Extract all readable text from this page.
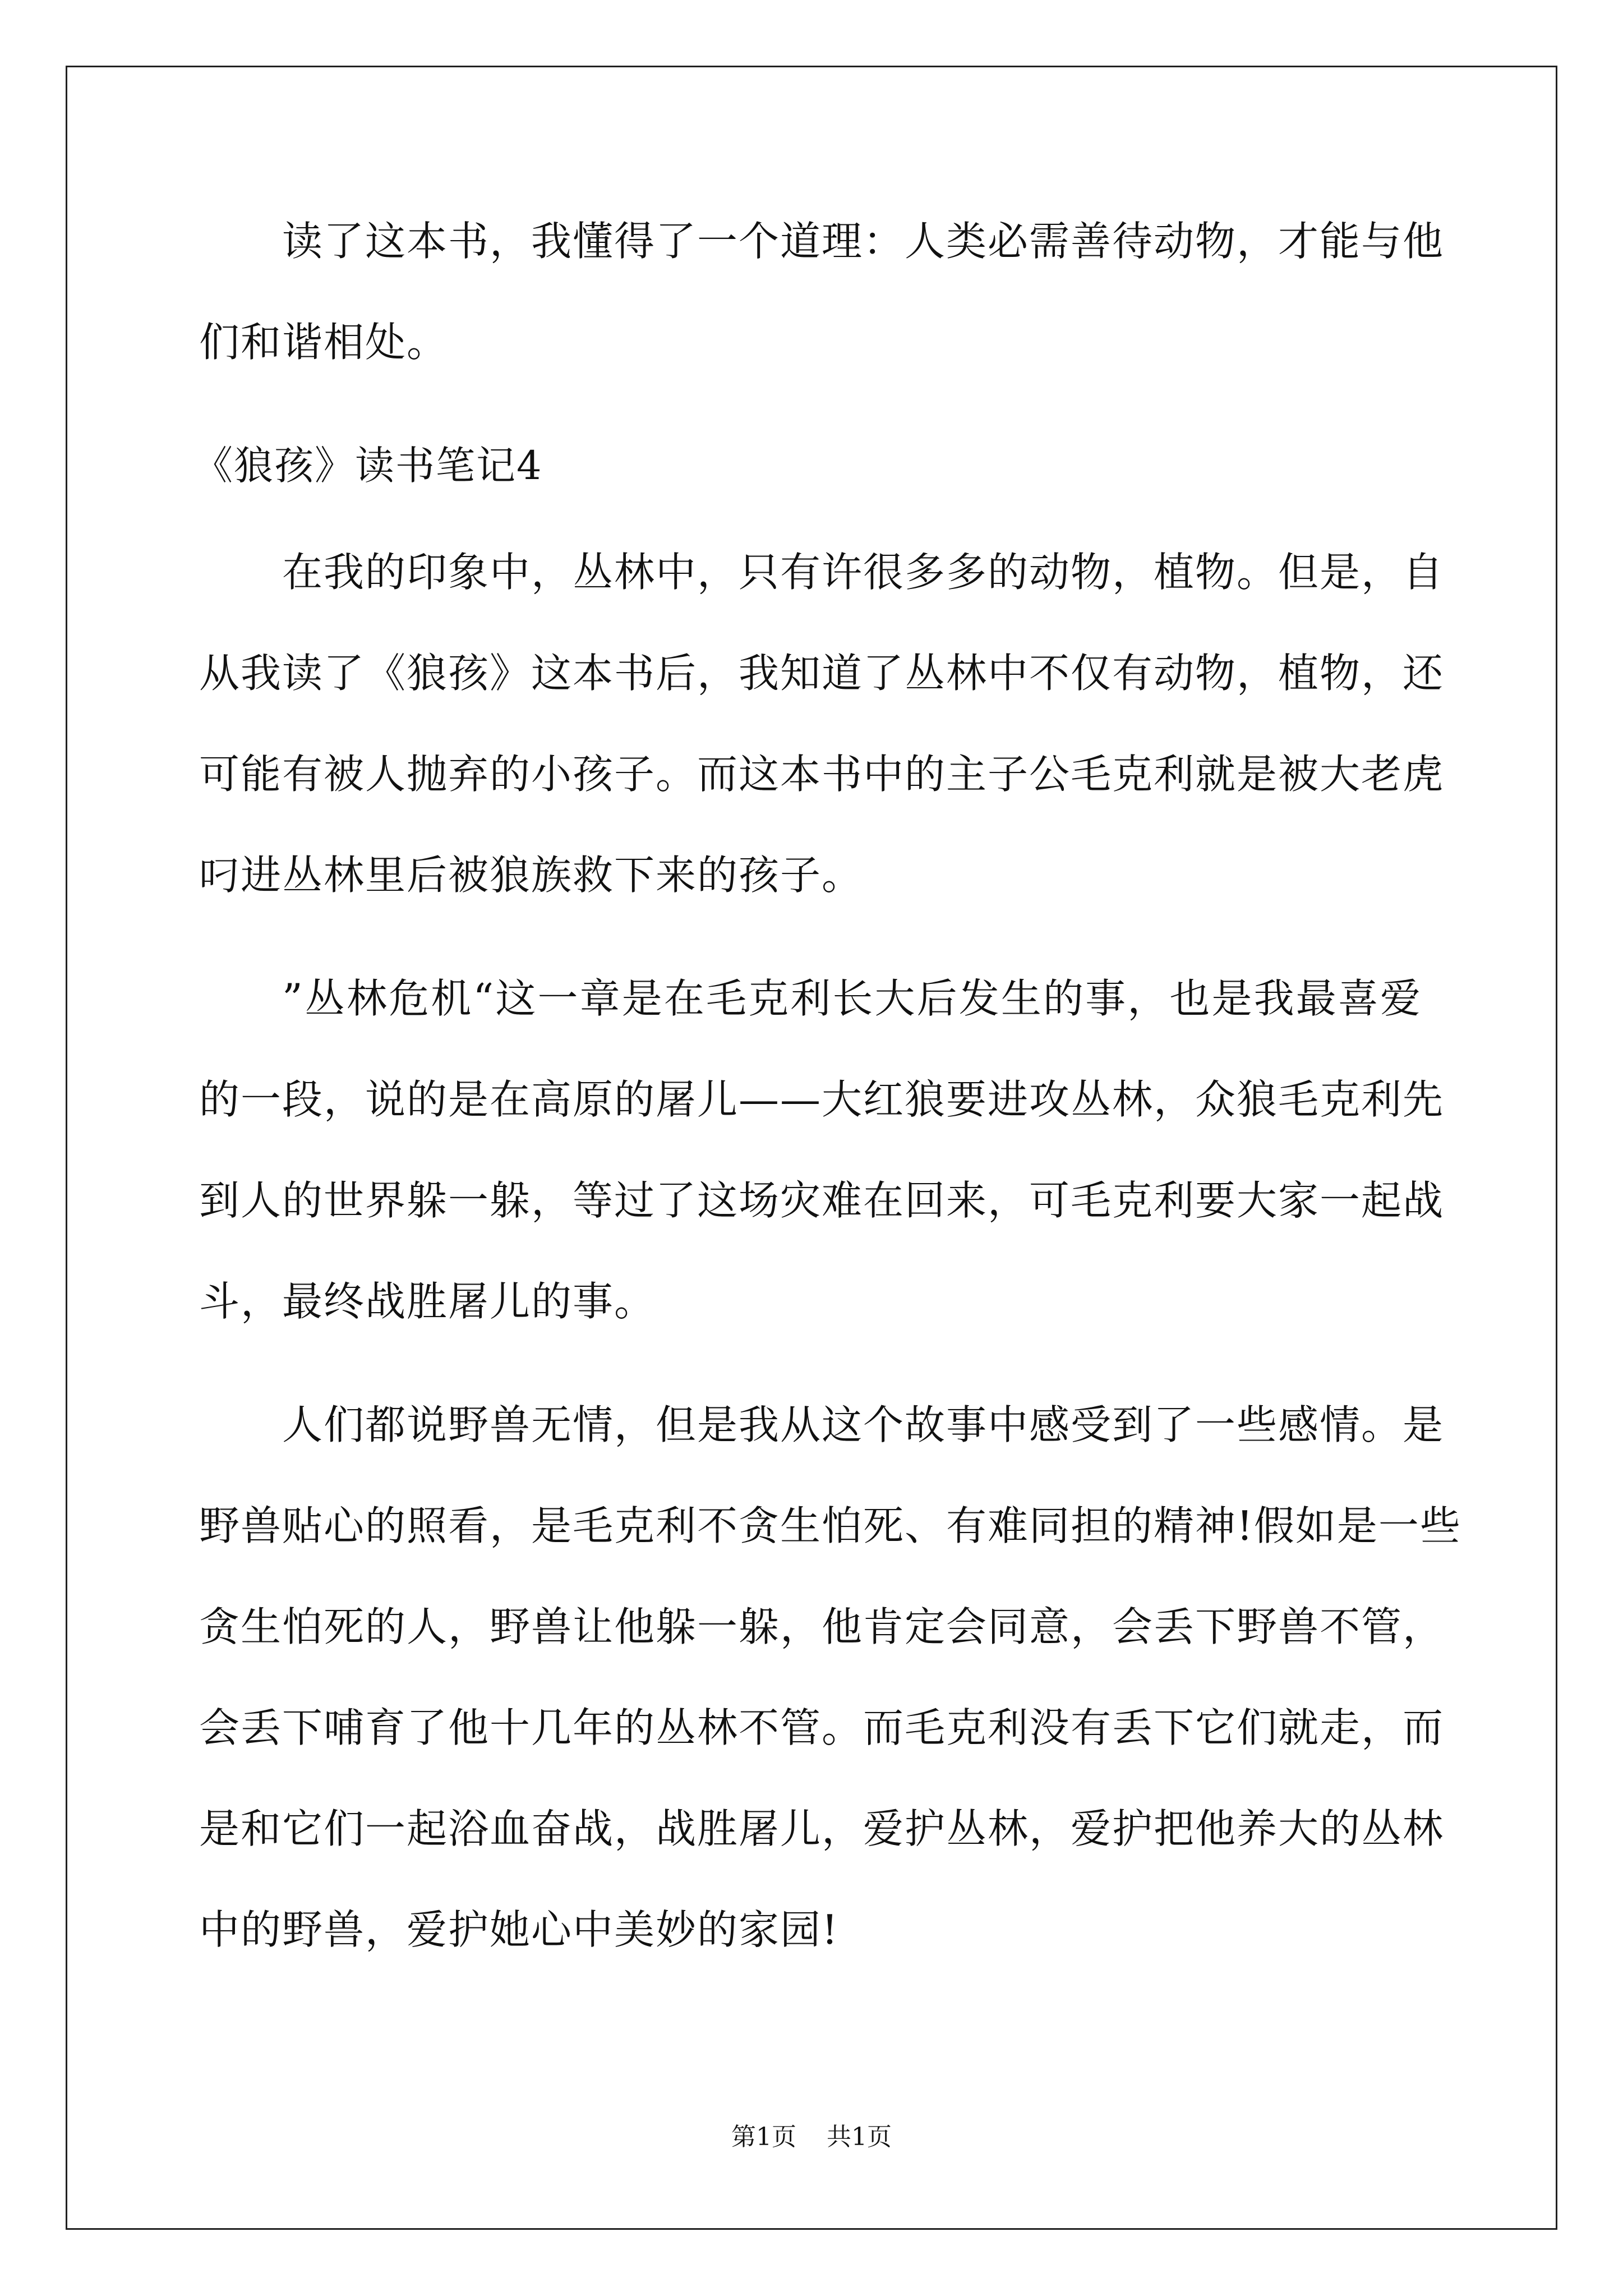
读了这本书，我懂得了一个道理：人类必需善待动物，才能与他
们和谐相处。
《狼孩》读书笔记4
在我的印象中，丛林中，只有许很多多的动物，植物。但是，自
从我读了《狼孩》这本书后，我知道了丛林中不仅有动物，植物，还
可能有被人抛弃的小孩子。而这本书中的主子公毛克利就是被大老虎
叼进丛林里后被狼族救下来的孩子。
”丛林危机“这一章是在毛克利长大后发生的事，也是我最喜爱
的一段，说的是在高原的屠儿——大红狼要进攻丛林，众狼毛克利先
到人的世界躲一躲，等过了这场灾难在回来，可毛克利要大家一起战
斗，最终战胜屠儿的事。
人们都说野兽无情，但是我从这个故事中感受到了一些感情。是
野兽贴心的照看，是毛克利不贪生怕死、有难同担的精神!假如是一些
贪生怕死的人，野兽让他躲一躲，他肯定会同意，会丢下野兽不管，
会丢下哺育了他十几年的丛林不管。而毛克利没有丢下它们就走，而
是和它们一起浴血奋战，战胜屠儿，爱护丛林，爱护把他养大的丛林
中的野兽，爱护她心中美妙的家园!
第1页 共1页
